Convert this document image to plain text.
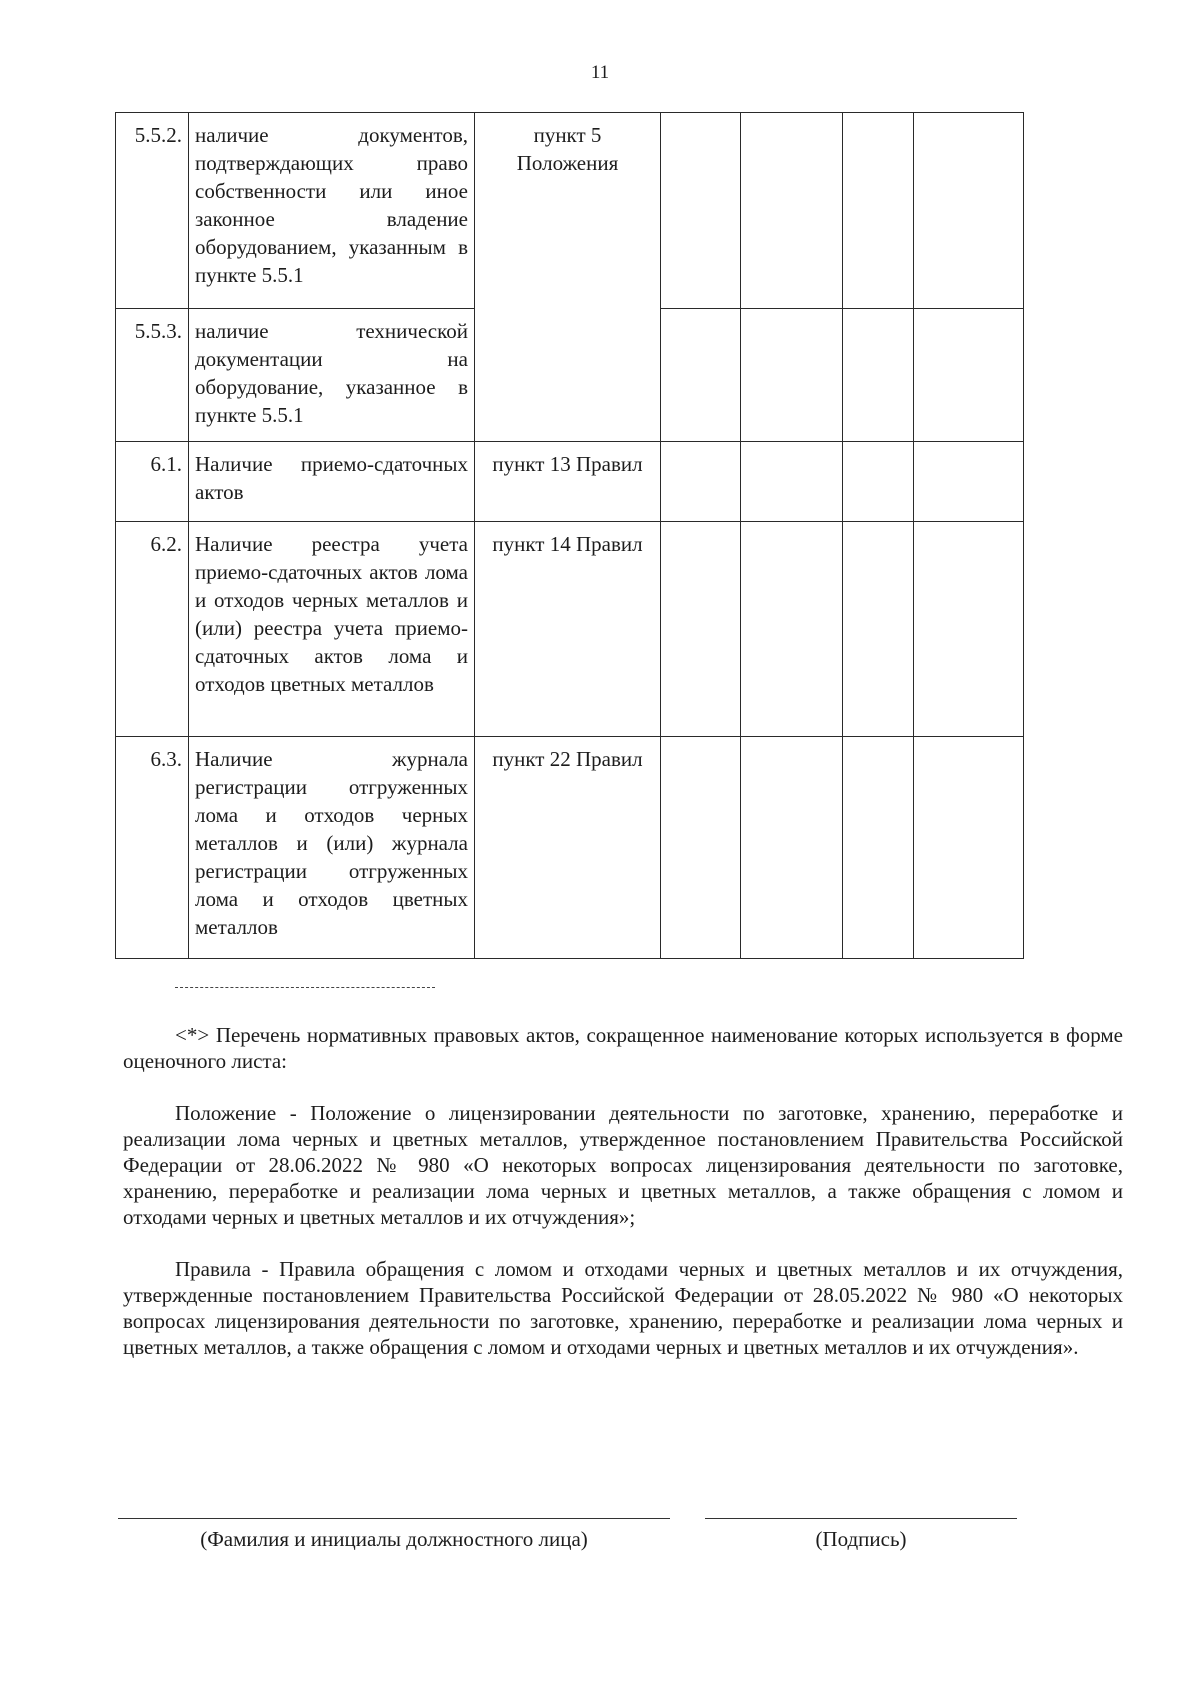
11
5.5.2.	наличие документов, подтверждающих право собственности или иное законное владение оборудованием, указанным в пункте 5.5.1	пункт 5 Положения				
5.5.3.	наличие технической документации на оборудование, указанное в пункте 5.5.1					
6.1.	Наличие приемо-сдаточных актов	пункт 13 Правил				
6.2.	Наличие реестра учета приемо-сдаточных актов лома и отходов черных металлов и (или) реестра учета приемо-сдаточных актов лома и отходов цветных металлов	пункт 14 Правил				
6.3.	Наличие журнала регистрации отгруженных лома и отходов черных металлов и (или) журнала регистрации отгруженных лома и отходов цветных металлов	пункт 22 Правил				

<*> Перечень нормативных правовых актов, сокращенное наименование которых используется в форме оценочного листа:

Положение - Положение о лицензировании деятельности по заготовке, хранению, переработке и реализации лома черных и цветных металлов, утвержденное постановлением Правительства Российской Федерации от 28.06.2022 № 980 «О некоторых вопросах лицензирования деятельности по заготовке, хранению, переработке и реализации лома черных и цветных металлов, а также обращения с ломом и отходами черных и цветных металлов и их отчуждения»;

Правила - Правила обращения с ломом и отходами черных и цветных металлов и их отчуждения, утвержденные постановлением Правительства Российской Федерации от 28.05.2022 № 980 «О некоторых вопросах лицензирования деятельности по заготовке, хранению, переработке и реализации лома черных и цветных металлов, а также обращения с ломом и отходами черных и цветных металлов и их отчуждения».

(Фамилия и инициалы должностного лица)	(Подпись)
